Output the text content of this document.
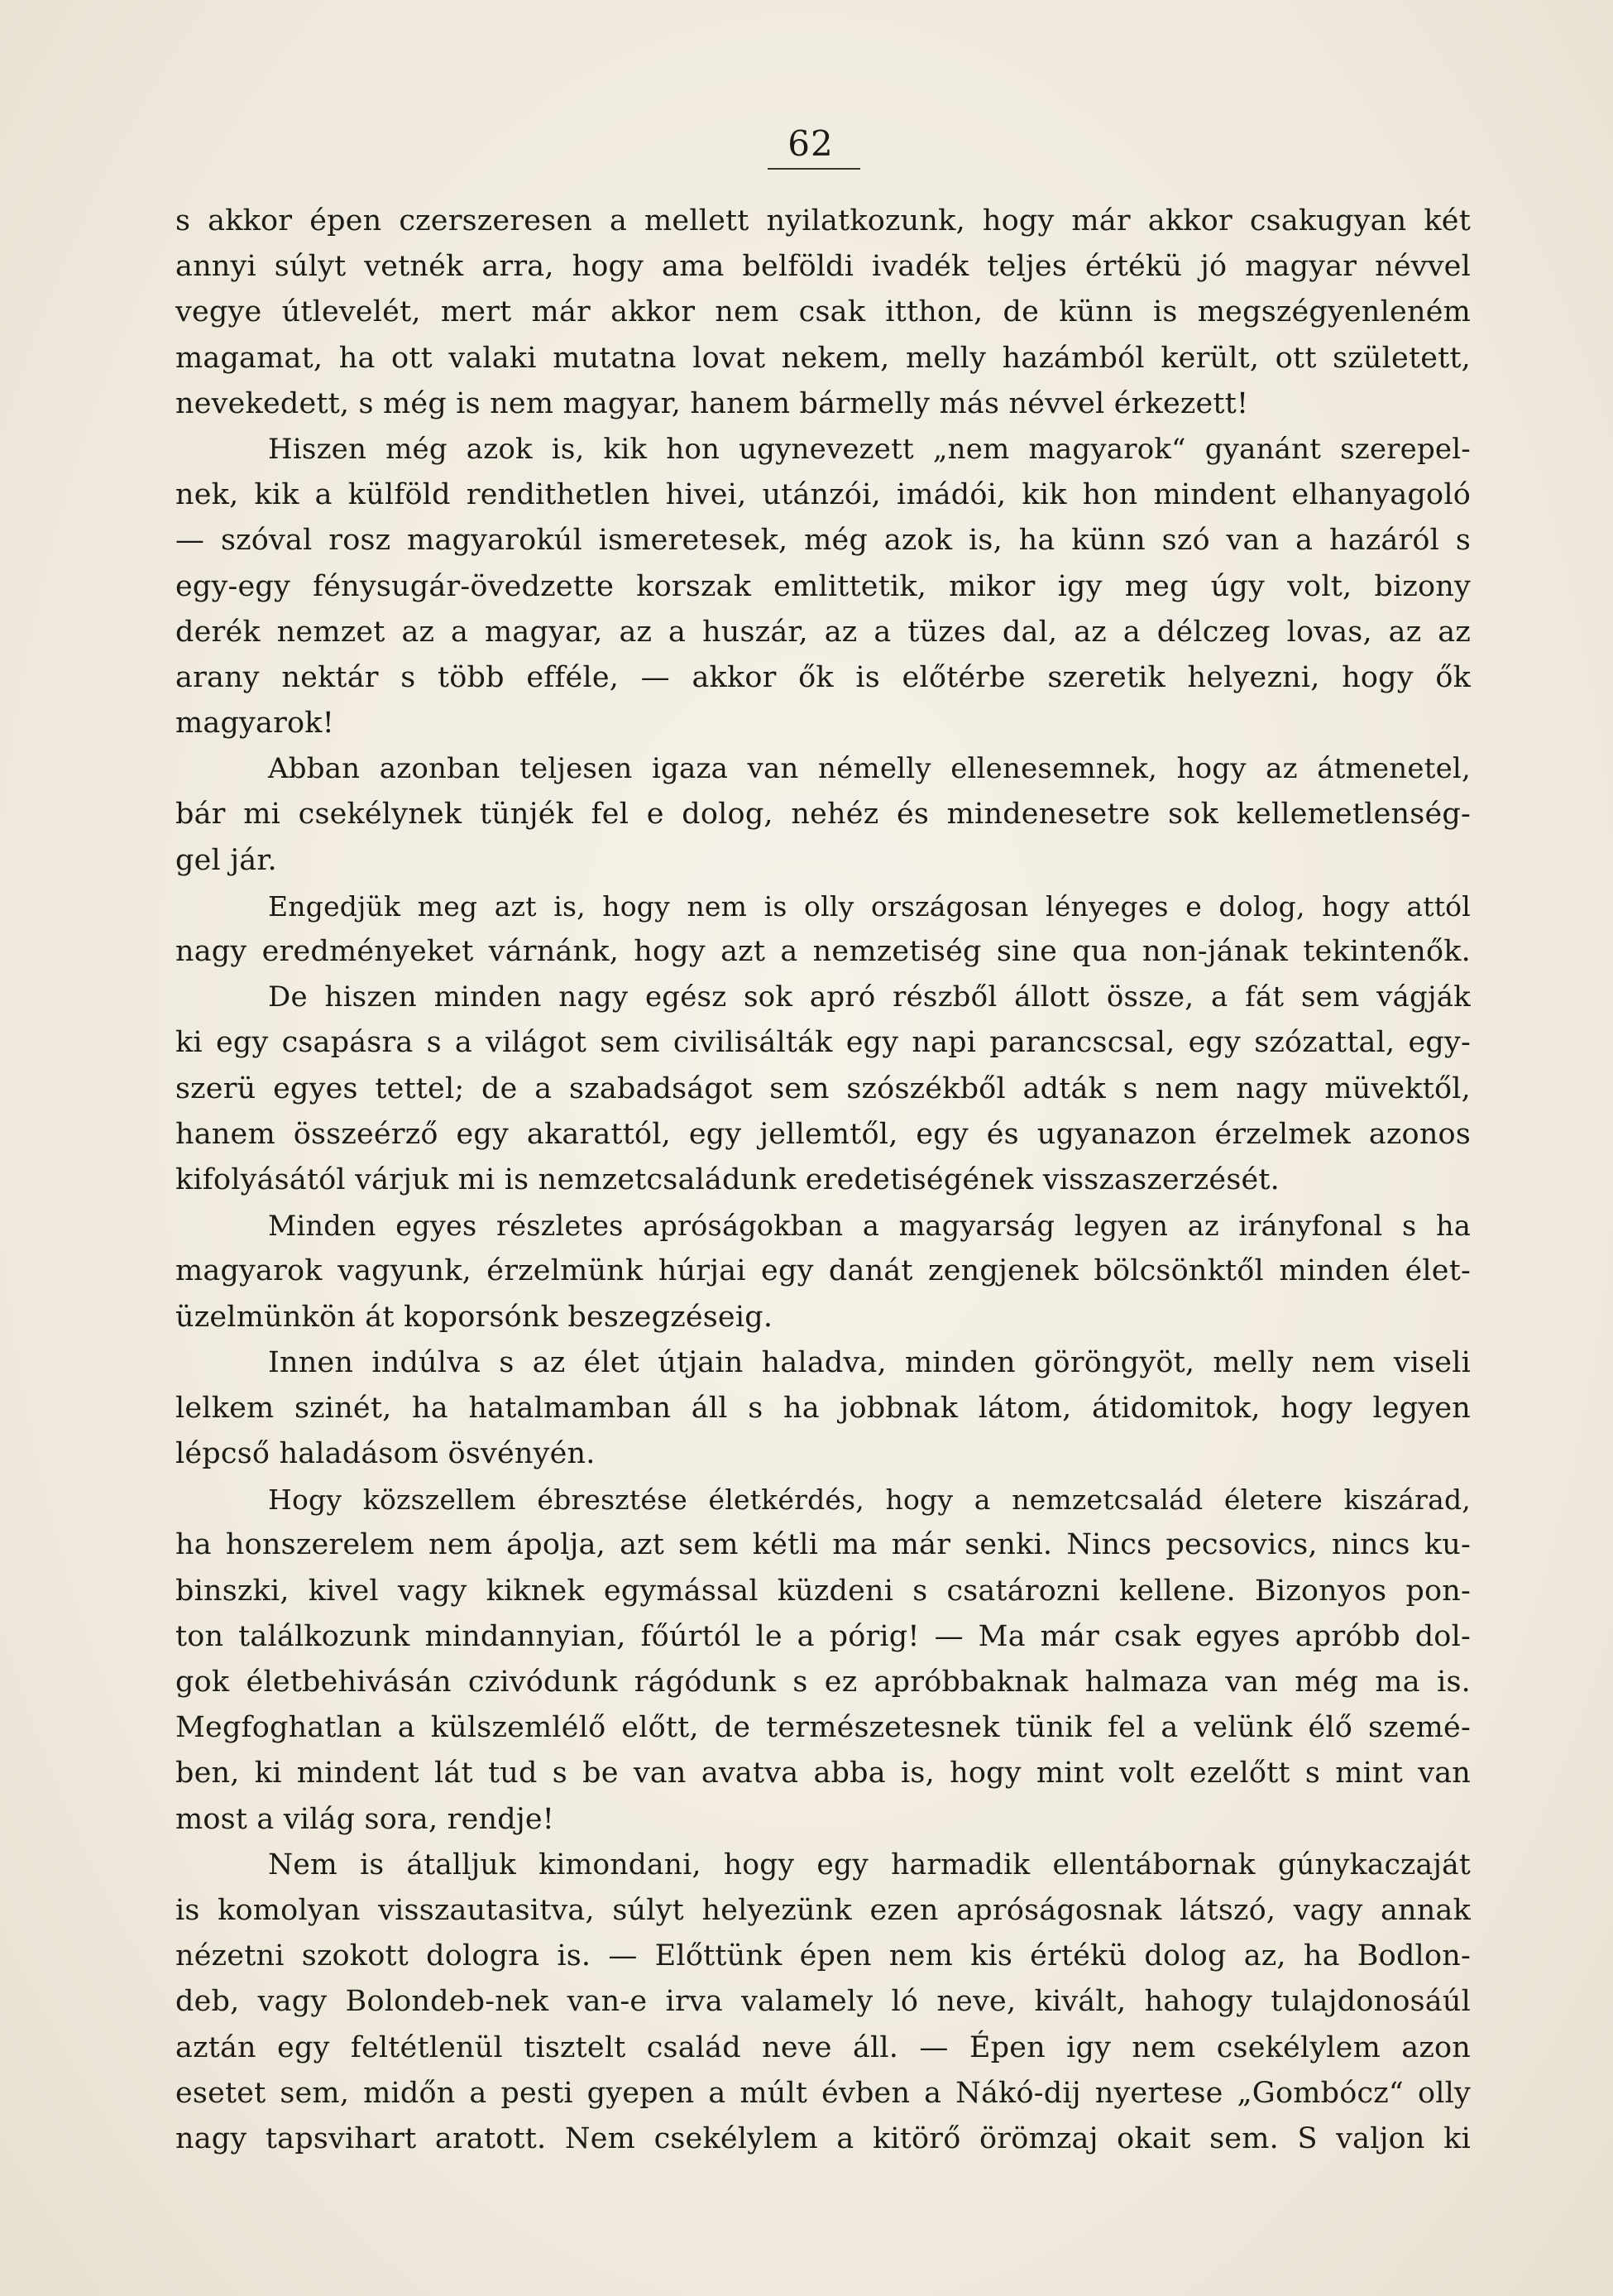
62
s akkor épen czerszeresen a mellett nyilatkozunk, hogy már akkor csakugyan két
annyi súlyt vetnék arra, hogy ama belföldi ivadék teljes értékü jó magyar névvel
vegye útlevelét, mert már akkor nem csak itthon, de künn is megszégyenleném
magamat, ha ott valaki mutatna lovat nekem, melly hazámból került, ott született,
nevekedett, s még is nem magyar, hanem bármelly más névvel érkezett!
Hiszen még azok is, kik hon ugynevezett „nem magyarok“ gyanánt szerepel-
nek, kik a külföld rendithetlen hivei, utánzói, imádói, kik hon mindent elhanyagoló
— szóval rosz magyarokúl ismeretesek, még azok is, ha künn szó van a hazáról s
egy-egy fénysugár-övedzette korszak emlittetik, mikor igy meg úgy volt, bizony
derék nemzet az a magyar, az a huszár, az a tüzes dal, az a délczeg lovas, az az
arany nektár s több efféle, — akkor ők is előtérbe szeretik helyezni, hogy ők
magyarok!
Abban azonban teljesen igaza van némelly ellenesemnek, hogy az átmenetel,
bár mi csekélynek tünjék fel e dolog, nehéz és mindenesetre sok kellemetlenség-
gel jár.
Engedjük meg azt is, hogy nem is olly országosan lényeges e dolog, hogy attól
nagy eredményeket várnánk, hogy azt a nemzetiség sine qua non-jának tekintenők.
De hiszen minden nagy egész sok apró részből állott össze, a fát sem vágják
ki egy csapásra s a világot sem civilisálták egy napi parancscsal, egy szózattal, egy-
szerü egyes tettel; de a szabadságot sem szószékből adták s nem nagy müvektől,
hanem összeérző egy akarattól, egy jellemtől, egy és ugyanazon érzelmek azonos
kifolyásától várjuk mi is nemzetcsaládunk eredetiségének visszaszerzését.
Minden egyes részletes apróságokban a magyarság legyen az irányfonal s ha
magyarok vagyunk, érzelmünk húrjai egy danát zengjenek bölcsönktől minden élet-
üzelmünkön át koporsónk beszegzéseig.
Innen indúlva s az élet útjain haladva, minden göröngyöt, melly nem viseli
lelkem szinét, ha hatalmamban áll s ha jobbnak látom, átidomitok, hogy legyen
lépcső haladásom ösvényén.
Hogy közszellem ébresztése életkérdés, hogy a nemzetcsalád életere kiszárad,
ha honszerelem nem ápolja, azt sem kétli ma már senki. Nincs pecsovics, nincs ku-
binszki, kivel vagy kiknek egymással küzdeni s csatározni kellene. Bizonyos pon-
ton találkozunk mindannyian, főúrtól le a pórig! — Ma már csak egyes apróbb dol-
gok életbehivásán czivódunk rágódunk s ez apróbbaknak halmaza van még ma is.
Megfoghatlan a külszemlélő előtt, de természetesnek tünik fel a velünk élő szemé-
ben, ki mindent lát tud s be van avatva abba is, hogy mint volt ezelőtt s mint van
most a világ sora, rendje!
Nem is átalljuk kimondani, hogy egy harmadik ellentábornak gúnykaczaját
is komolyan visszautasitva, súlyt helyezünk ezen apróságosnak látszó, vagy annak
nézetni szokott dologra is. — Előttünk épen nem kis értékü dolog az, ha Bodlon-
deb, vagy Bolondeb-nek van-e irva valamely ló neve, kivált, hahogy tulajdonosáúl
aztán egy feltétlenül tisztelt család neve áll. — Épen igy nem csekélylem azon
esetet sem, midőn a pesti gyepen a múlt évben a Nákó-dij nyertese „Gombócz“ olly
nagy tapsvihart aratott. Nem csekélylem a kitörő örömzaj okait sem. S valjon ki
